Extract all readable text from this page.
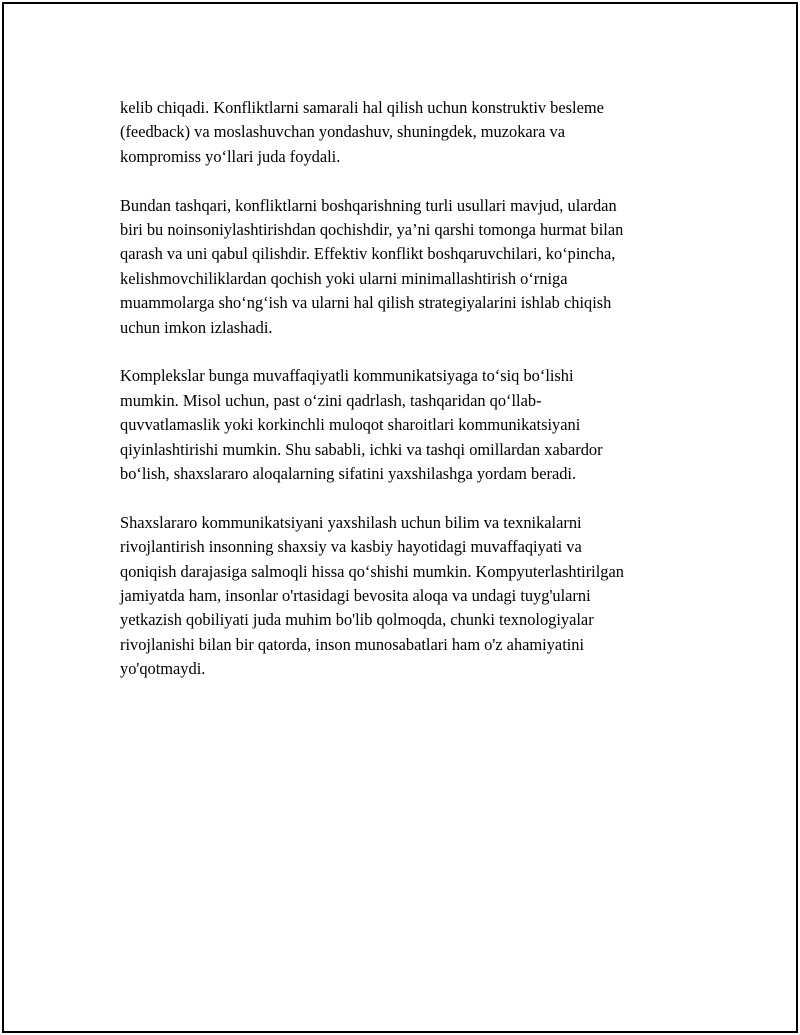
kelib chiqadi. Konfliktlarni samarali hal qilish uchun konstruktiv besleme
(feedback) va moslashuvchan yondashuv, shuningdek, muzokara va
kompromiss yo‘llari juda foydali.

Bundan tashqari, konfliktlarni boshqarishning turli usullari mavjud, ulardan
biri bu noinsoniylashtirishdan qochishdir, ya’ni qarshi tomonga hurmat bilan
qarash va uni qabul qilishdir. Effektiv konflikt boshqaruvchilari, ko‘pincha,
kelishmovchiliklardan qochish yoki ularni minimallashtirish o‘rniga
muammolarga sho‘ng‘ish va ularni hal qilish strategiyalarini ishlab chiqish
uchun imkon izlashadi.

Komplekslar bunga muvaffaqiyatli kommunikatsiyaga to‘siq bo‘lishi
mumkin. Misol uchun, past o‘zini qadrlash, tashqaridan qo‘llab-
quvvatlamaslik yoki korkinchli muloqot sharoitlari kommunikatsiyani
qiyinlashtirishi mumkin. Shu sababli, ichki va tashqi omillardan xabardor
bo‘lish, shaxslararo aloqalarning sifatini yaxshilashga yordam beradi.

Shaxslararo kommunikatsiyani yaxshilash uchun bilim va texnikalarni
rivojlantirish insonning shaxsiy va kasbiy hayotidagi muvaffaqiyati va
qoniqish darajasiga salmoqli hissa qo‘shishi mumkin. Kompyuterlashtirilgan
jamiyatda ham, insonlar o'rtasidagi bevosita aloqa va undagi tuyg'ularni
yetkazish qobiliyati juda muhim bo'lib qolmoqda, chunki texnologiyalar
rivojlanishi bilan bir qatorda, inson munosabatlari ham o'z ahamiyatini
yo'qotmaydi.
